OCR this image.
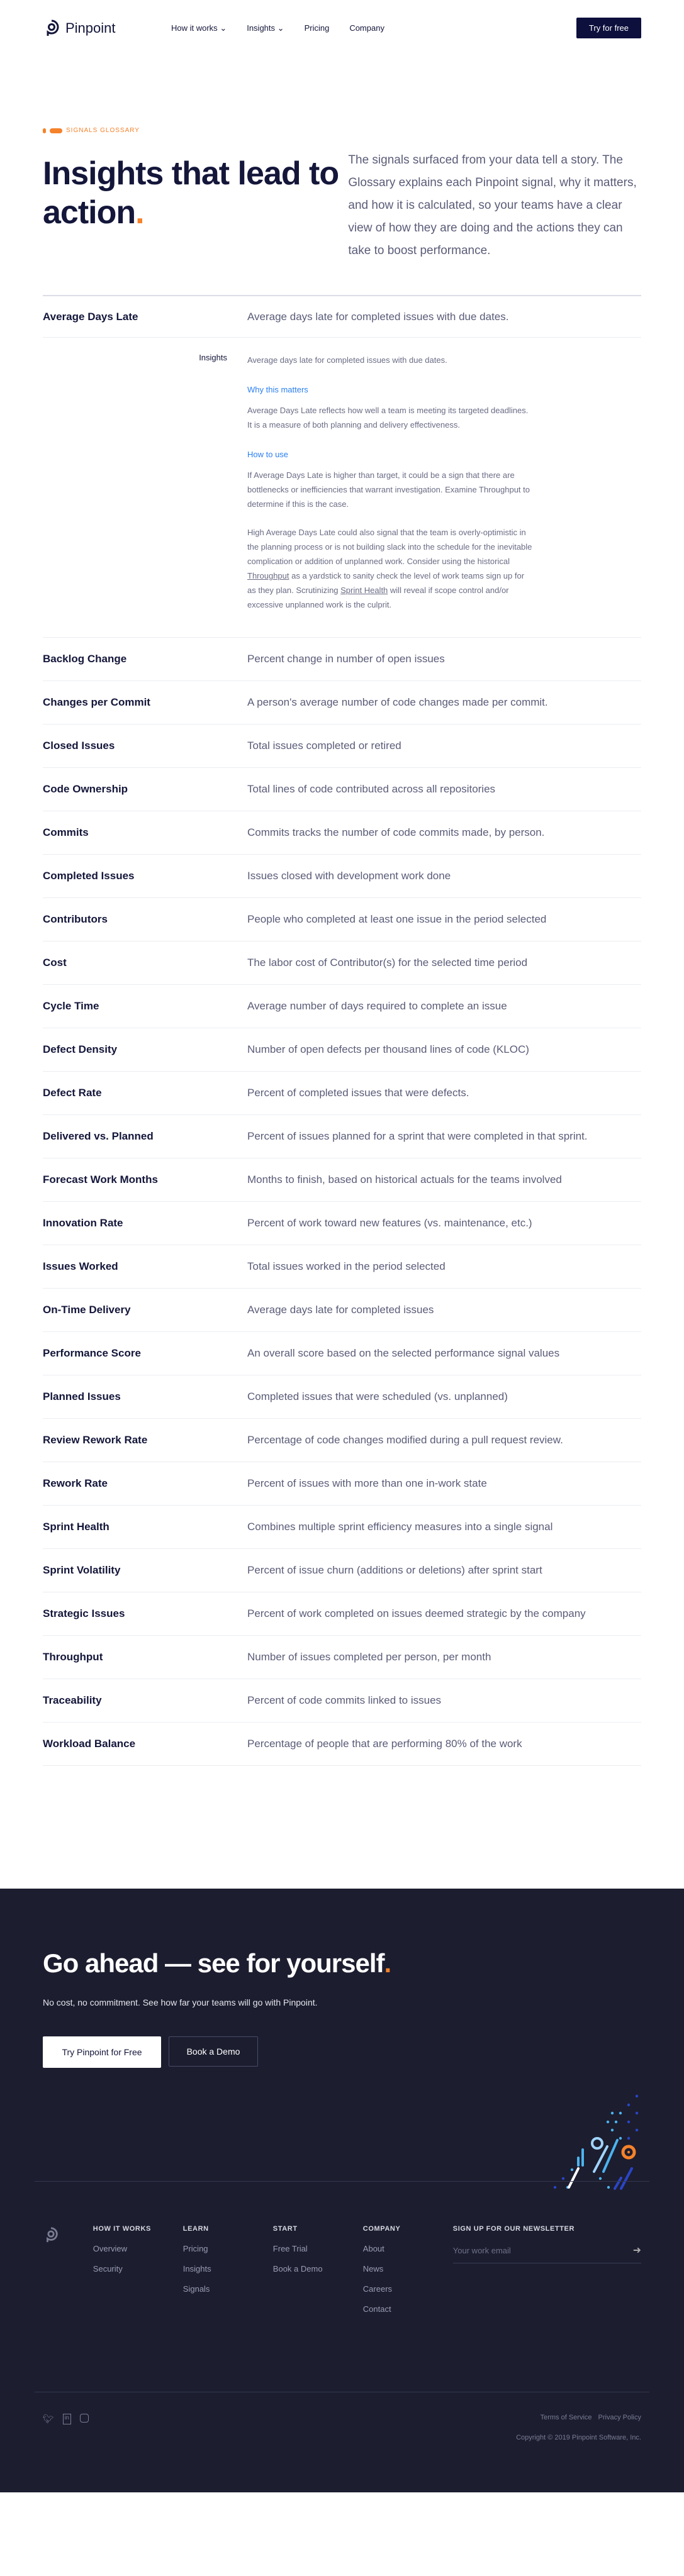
Pinpoint	How it works ⌄ Insights ⌄ Pricing Company	Try for free
SIGNALS GLOSSARY
Insights that lead to action.

The signals surfaced from your data tell a story. The Glossary explains each Pinpoint signal, why it matters, and how it is calculated, so your teams have a clear view of how they are doing and the actions they can take to boost performance.

Average Days Late	Average days late for completed issues with due dates.
Insights	Average days late for completed issues with due dates.

Why this matters

Average Days Late reflects how well a team is meeting its targeted deadlines. It is a measure of both planning and delivery effectiveness.

How to use

If Average Days Late is higher than target, it could be a sign that there are bottlenecks or inefficiencies that warrant investigation. Examine Throughput to determine if this is the case.

High Average Days Late could also signal that the team is overly-optimistic in the planning process or is not building slack into the schedule for the inevitable complication or addition of unplanned work. Consider using the historical Throughput as a yardstick to sanity check the level of work teams sign up for as they plan. Scrutinizing Sprint Health will reveal if scope control and/or excessive unplanned work is the culprit.

Backlog Change	Percent change in number of open issues
Changes per Commit	A person's average number of code changes made per commit.
Closed Issues	Total issues completed or retired
Code Ownership	Total lines of code contributed across all repositories
Commits	Commits tracks the number of code commits made, by person.
Completed Issues	Issues closed with development work done
Contributors	People who completed at least one issue in the period selected
Cost	The labor cost of Contributor(s) for the selected time period
Cycle Time	Average number of days required to complete an issue
Defect Density	Number of open defects per thousand lines of code (KLOC)
Defect Rate	Percent of completed issues that were defects.
Delivered vs. Planned	Percent of issues planned for a sprint that were completed in that sprint.
Forecast Work Months	Months to finish, based on historical actuals for the teams involved
Innovation Rate	Percent of work toward new features (vs. maintenance, etc.)
Issues Worked	Total issues worked in the period selected
On-Time Delivery	Average days late for completed issues
Performance Score	An overall score based on the selected performance signal values
Planned Issues	Completed issues that were scheduled (vs. unplanned)
Review Rework Rate	Percentage of code changes modified during a pull request review.
Rework Rate	Percent of issues with more than one in-work state
Sprint Health	Combines multiple sprint efficiency measures into a single signal
Sprint Volatility	Percent of issue churn (additions or deletions) after sprint start
Strategic Issues	Percent of work completed on issues deemed strategic by the company
Throughput	Number of issues completed per person, per month
Traceability	Percent of code commits linked to issues
Workload Balance	Percentage of people that are performing 80% of the work
Go ahead — see for yourself.

No cost, no commitment. See how far your teams will go with Pinpoint.

Try Pinpoint for Free	Book a Demo
HOW IT WORKS
Overview
Security
LEARN
Pricing
Insights
Signals
START
Free Trial
Book a Demo
COMPANY
About
News
Careers
Contact
SIGN UP FOR OUR NEWSLETTER
Your work email
➜
🐦︎	in	Terms of Service Privacy Policy
Copyright © 2019 Pinpoint Software, Inc.
